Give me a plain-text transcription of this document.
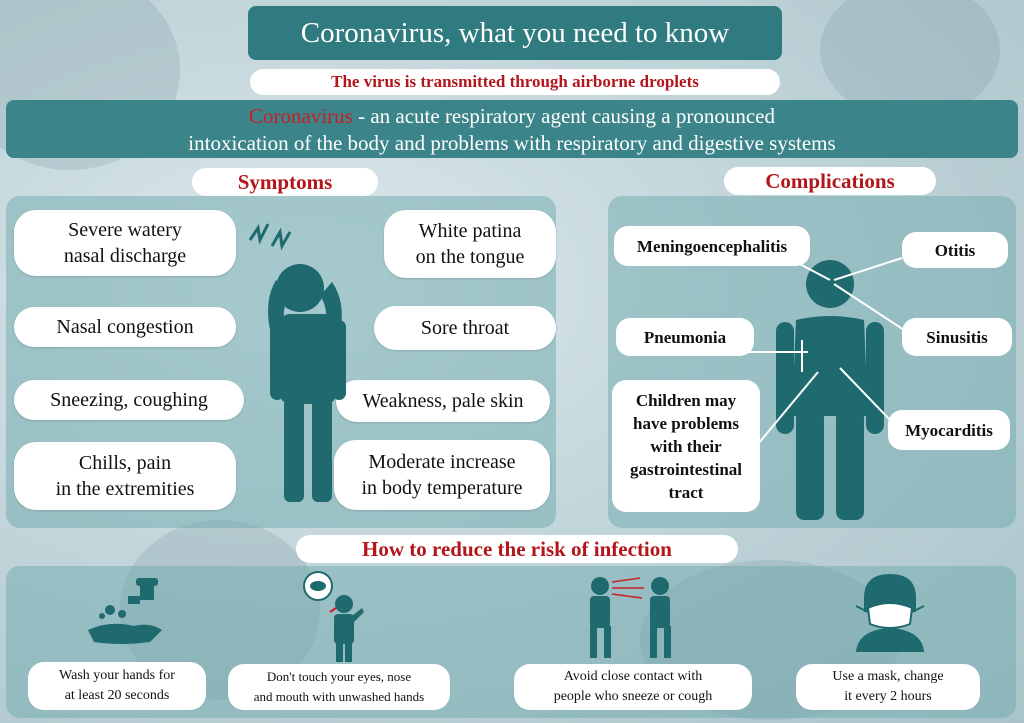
Coronavirus, what you need to know
The virus is transmitted through airborne droplets
Coronavirus - an acute respiratory agent causing a pronounced
intoxication of the body and problems with respiratory and digestive systems
Symptoms
Severe watery
nasal discharge
Nasal congestion
Sneezing, coughing
Chills, pain
in the extremities
White patina
on the tongue
Sore throat
Weakness, pale skin
Moderate increase
in body temperature
Complications
Meningoencephalitis	Otitis
Pneumonia	Sinusitis
Children may
have problems
with their
gastrointestinal
tract
Myocarditis
How to reduce the risk of infection
Wash your hands for
at least 20 seconds
Don't touch your eyes, nose
and mouth with unwashed hands
Avoid close contact with
people who sneeze or cough
Use a mask, change
it every 2 hours
